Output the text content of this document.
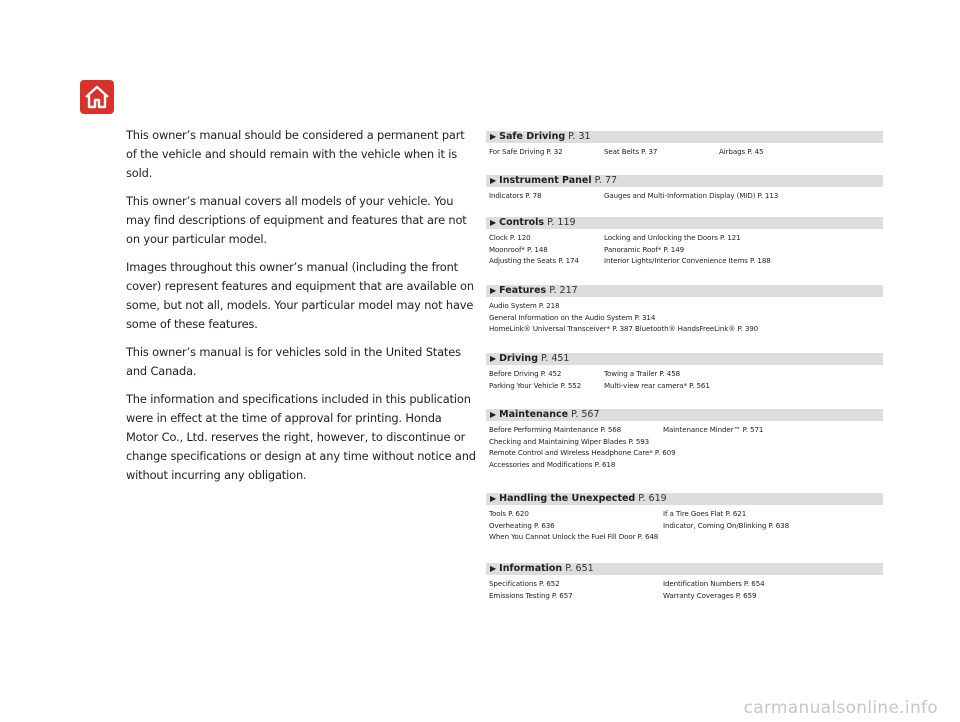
This owner’s manual should be considered a permanent part of the vehicle and should remain with the vehicle when it is sold.

This owner’s manual covers all models of your vehicle. You may find descriptions of equipment and features that are not on your particular model.

Images throughout this owner’s manual (including the front cover) represent features and equipment that are available on some, but not all, models. Your particular model may not have some of these features.

This owner’s manual is for vehicles sold in the United States and Canada.

The information and specifications included in this publication were in effect at the time of approval for printing. Honda Motor Co., Ltd. reserves the right, however, to discontinue or change specifications or design at any time without notice and without incurring any obligation.

▶ Safe Driving P. 31
For Safe Driving P. 32	Seat Belts P. 37	Airbags P. 45
▶ Instrument Panel P. 77
Indicators P. 78	Gauges and Multi-Information Display (MID) P. 113
▶ Controls P. 119
Clock P. 120	Locking and Unlocking the Doors P. 121
Moonroof* P. 148	Panoramic Roof* P. 149
Adjusting the Seats P. 174	Interior Lights/Interior Convenience Items P. 188
▶ Features P. 217
Audio System P. 218
General Information on the Audio System P. 314
HomeLink® Universal Transceiver* P. 387 Bluetooth® HandsFreeLink® P. 390
▶ Driving P. 451
Before Driving P. 452	Towing a Trailer P. 458
Parking Your Vehicle P. 552	Multi-view rear camera* P. 561
▶ Maintenance P. 567
Before Performing Maintenance P. 568	Maintenance Minder™ P. 571
Checking and Maintaining Wiper Blades P. 593
Remote Control and Wireless Headphone Care* P. 609
Accessories and Modifications P. 618
▶ Handling the Unexpected P. 619
Tools P. 620	If a Tire Goes Flat P. 621
Overheating P. 636	Indicator, Coming On/Blinking P. 638
When You Cannot Unlock the Fuel Fill Door P. 648
▶ Information P. 651
Specifications P. 652	Identification Numbers P. 654
Emissions Testing P. 657	Warranty Coverages P. 659
carmanualsonline.info
